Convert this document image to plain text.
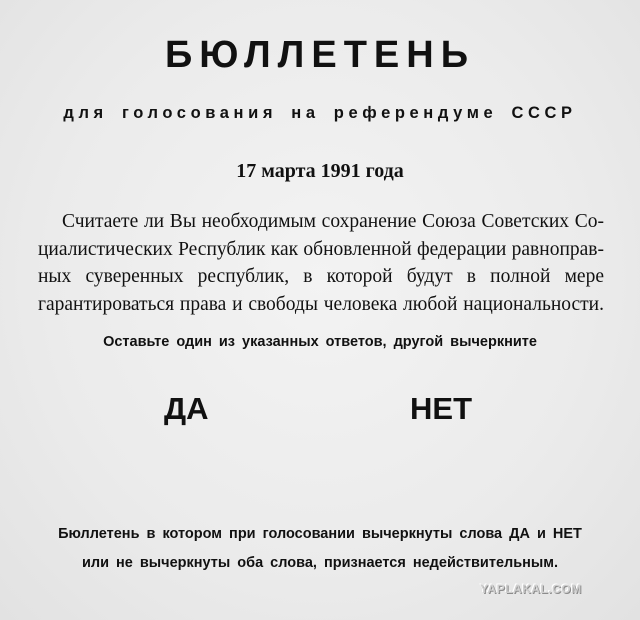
БЮЛЛЕТЕНЬ
для голосования на референдуме СССР
17 марта 1991 года
Считаете ли Вы необходимым сохранение Союза Советских Со-
циалистических Республик как обновленной федерации равноправ-
ных суверенных республик, в которой будут в полной мере
гарантироваться права и свободы человека любой национальности.
Оставьте один из указанных ответов, другой вычеркните
ДА	НЕТ
Бюллетень в котором при голосовании вычеркнуты слова ДА и НЕТ
или не вычеркнуты оба слова, признается недействительным.
YAPLAKAL.COM
